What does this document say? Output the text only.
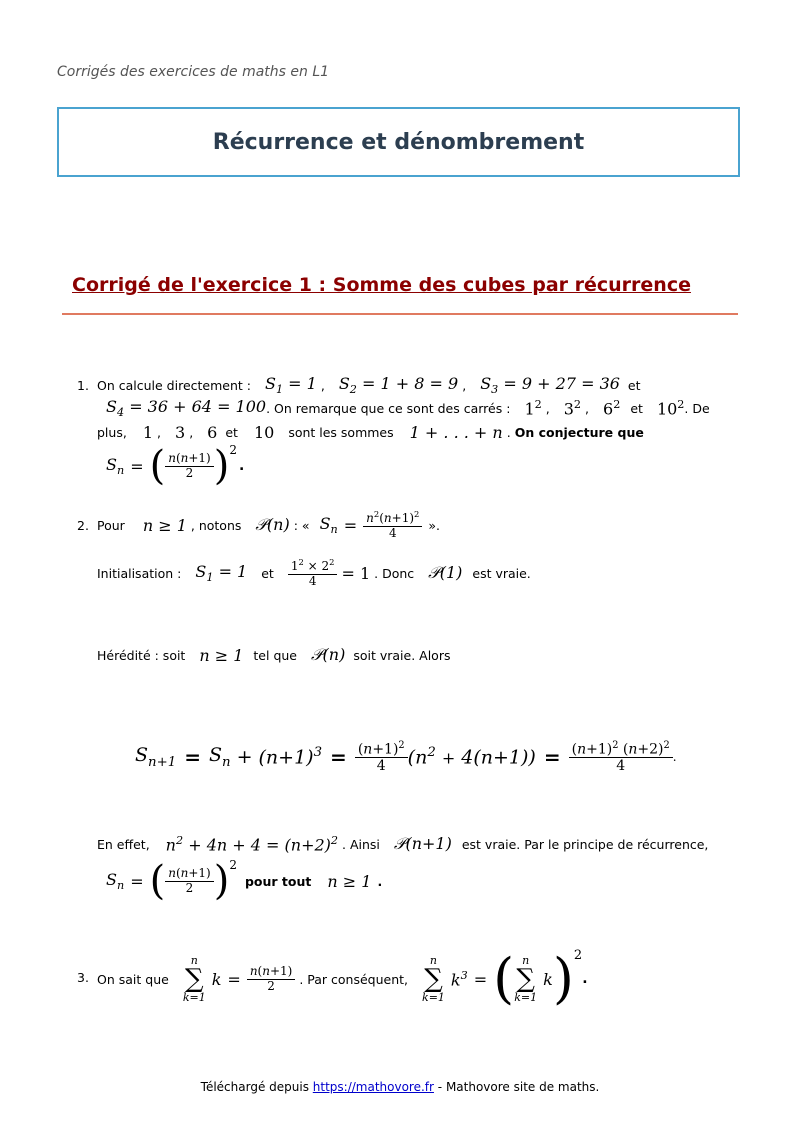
Corrigés des exercices de maths en L1
Récurrence et dénombrement
Corrigé de l'exercice 1 : Somme des cubes par récurrence
1. On calcule directement : $S_1 = 1$ , $S_2 = 1 + 8 = 9$ , $S_3 = 9 + 27 = 36$ et
$S_4 = 36 + 64 = 100$ . On remarque que ce sont des carrés : $1^2$ , $3^2$ , $6^2$ et $10^2$ . De
plus, 1 , 3 , 6 et 10 sont les sommes 1 + . . . + n . On conjecture que
$S_n$ = ( $\frac{n(n+1)}{2}$ ) 2
.
2. Pour n ≥ 1 , notons 𝒫(n) : « $S_n = \frac{n^2(n+1)^2}{4}$ ».
Initialisation : $S_1 = 1$ et $\frac{1^2 \times 2^2}{4} = 1$ . Donc 𝒫(1) est vraie.
Hérédité : soit n ≥ 1 tel que 𝒫(n) soit vraie. Alors
$S_{n+1} = S_n + (n+1)^3 = \frac{(n+1)^2}{4} (n^2 + 4(n+1)) = \frac{(n+1)^2 (n+2)^2}{4}$ .
En effet, $n^2 + 4n + 4 = (n+2)^2$ . Ainsi 𝒫(n+1) est vraie. Par le principe de récurrence,
$S_n$ = ( $\frac{n(n+1)}{2}$ ) 2
pour tout n ≥ 1 .
3. On sait que
n
∑
k=1
$k = \frac{n(n+1)}{2}$ . Par conséquent,
n
∑
k=1
$k^3$ = ( n
∑
k=1
k ) 2
.
Téléchargé depuis https://mathovore.fr - Mathovore site de maths.
